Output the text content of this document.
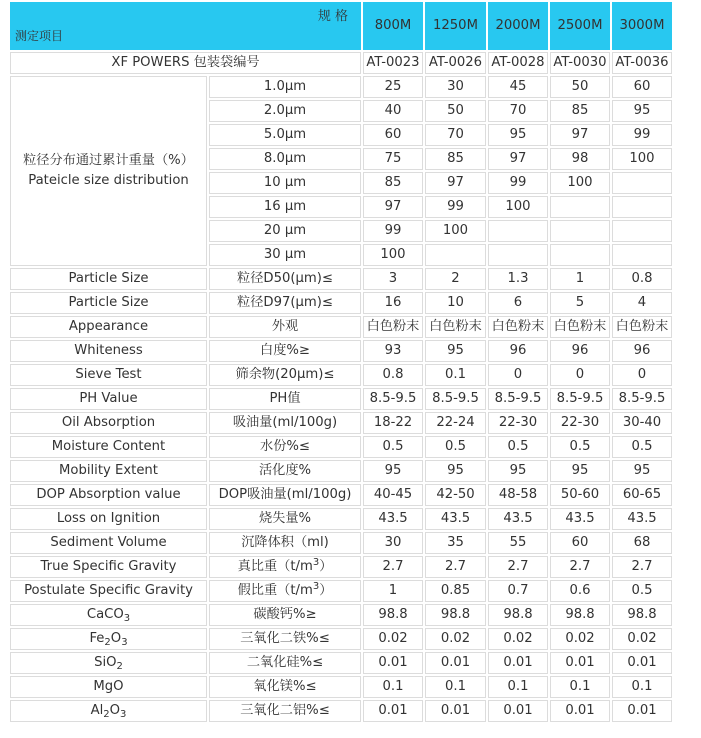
规 格
测定项目		800M	1250M	2000M	2500M	3000M
XF POWERS 包装袋编号		AT-0023	AT-0026	AT-0028	AT-0030	AT-0036
粒径分布通过累计重量（%）
Pateicle size distribution	1.0μm	25	30	45	50	60
	2.0μm	40	50	70	85	95
	5.0μm	60	70	95	97	99
	8.0μm	75	85	97	98	100
	10 μm	85	97	99	100	
	16 μm	97	99	100		
	20 μm	99	100			
	30 μm	100				
Particle Size	粒径D50(μm)≤	3	2	1.3	1	0.8
Particle Size	粒径D97(μm)≤	16	10	6	5	4
Appearance	外观	白色粉末	白色粉末	白色粉末	白色粉末	白色粉末
Whiteness	白度%≥	93	95	96	96	96
Sieve Test	筛余物(20μm)≤	0.8	0.1	0	0	0
PH Value	PH值	8.5-9.5	8.5-9.5	8.5-9.5	8.5-9.5	8.5-9.5
Oil Absorption	吸油量(ml/100g)	18-22	22-24	22-30	22-30	30-40
Moisture Content	水份%≤	0.5	0.5	0.5	0.5	0.5
Mobility Extent	活化度%	95	95	95	95	95
DOP Absorption value	DOP吸油量(ml/100g)	40-45	42-50	48-58	50-60	60-65
Loss on Ignition	烧失量%	43.5	43.5	43.5	43.5	43.5
Sediment Volume	沉降体积（ml)	30	35	55	60	68
True Specific Gravity	真比重$(t/m^3)$	2.7	2.7	2.7	2.7	2.7
Postulate Specific Gravity	假比重$(t/m^3)$	1	0.85	0.7	0.6	0.5
CaCO$_3$	碳酸钙%≥	98.8	98.8	98.8	98.8	98.8
$Fe_2O_3$	三氧化二铁%≤	0.02	0.02	0.02	0.02	0.02
SiO$_2$	二氧化硅%≤	0.01	0.01	0.01	0.01	0.01
MgO	氧化镁%≤	0.1	0.1	0.1	0.1	0.1
$Al_2O_3$	三氧化二铝%≤	0.01	0.01	0.01	0.01	0.01
